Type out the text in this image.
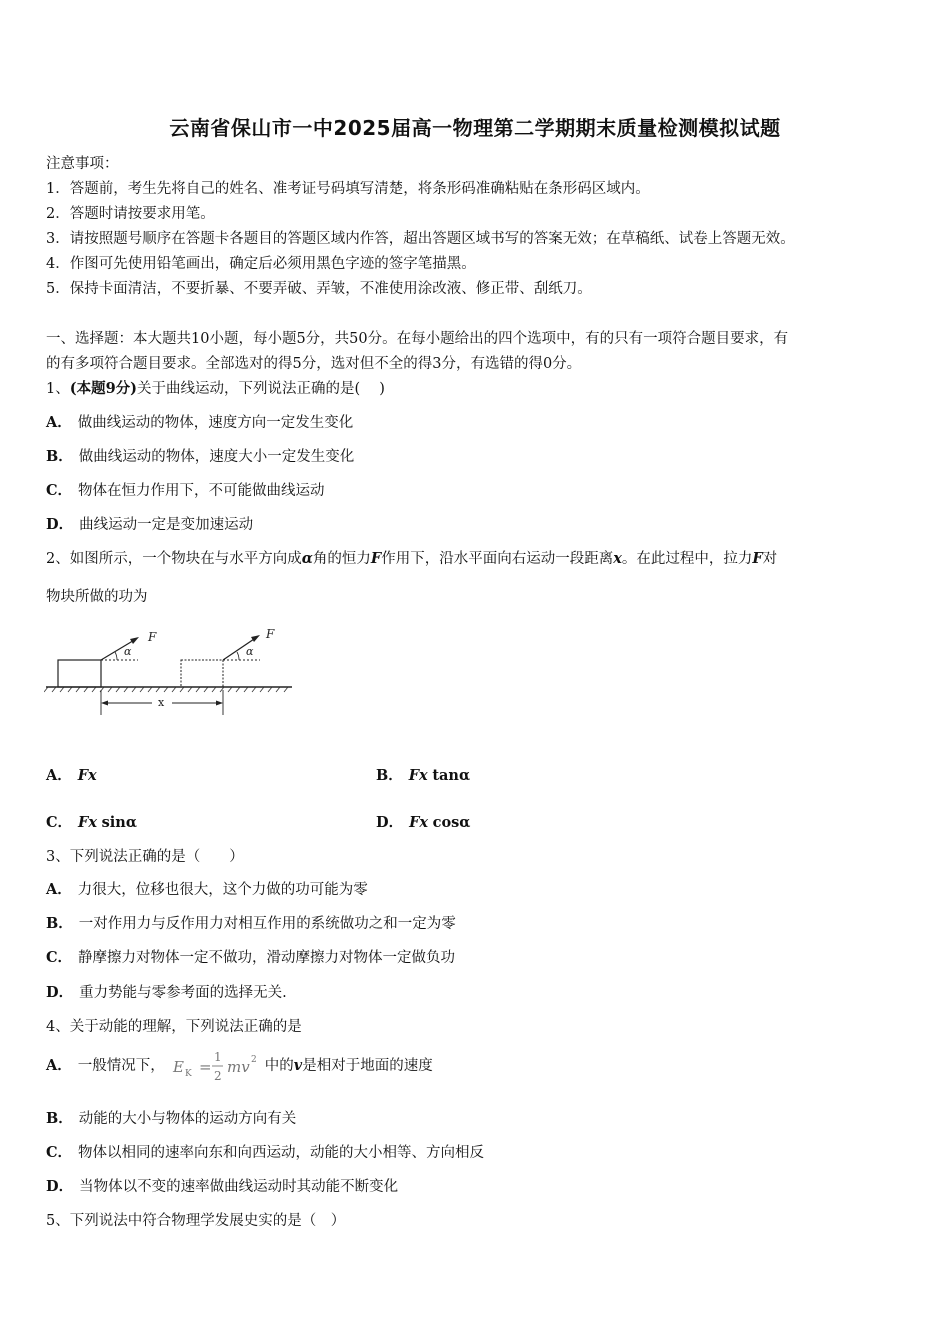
云南省保山市一中2025届高一物理第二学期期末质量检测模拟试题
注意事项：
1．答题前，考生先将自己的姓名、准考证号码填写清楚，将条形码准确粘贴在条形码区域内。
2．答题时请按要求用笔。
3．请按照题号顺序在答题卡各题目的答题区域内作答，超出答题区域书写的答案无效；在草稿纸、试卷上答题无效。
4．作图可先使用铅笔画出，确定后必须用黑色字迹的签字笔描黑。
5．保持卡面清洁，不要折暴、不要弄破、弄皱，不准使用涂改液、修正带、刮纸刀。
一、选择题：本大题共10小题，每小题5分，共50分。在每小题给出的四个选项中，有的只有一项符合题目要求，有
的有多项符合题目要求。全部选对的得5分，选对但不全的得3分，有选错的得0分。
1、(本题9分)关于曲线运动，下列说法正确的是(　 )
A． 做曲线运动的物体，速度方向一定发生变化
B． 做曲线运动的物体，速度大小一定发生变化
C． 物体在恒力作用下，不可能做曲线运动
D． 曲线运动一定是变加速运动
2、如图所示，一个物块在与水平方向成α角的恒力F作用下，沿水平面向右运动一段距离x。在此过程中，拉力F对
物块所做的功为
α
F
α
F
x
A． Fx	B． Fx tanα
C． Fx sinα	D． Fx cosα
3、下列说法正确的是（　　）
A． 力很大，位移也很大，这个力做的功可能为零
B． 一对作用力与反作用力对相互作用的系统做功之和一定为零
C． 静摩擦力对物体一定不做功，滑动摩擦力对物体一定做负功
D． 重力势能与零参考面的选择无关.
4、关于动能的理解，下列说法正确的是
A． 一般情况下， E K =
1
2 mv 2 中的v是相对于地面的速度
B． 动能的大小与物体的运动方向有关
C． 物体以相同的速率向东和向西运动，动能的大小相等、方向相反
D． 当物体以不变的速率做曲线运动时其动能不断变化
5、下列说法中符合物理学发展史实的是（　）
